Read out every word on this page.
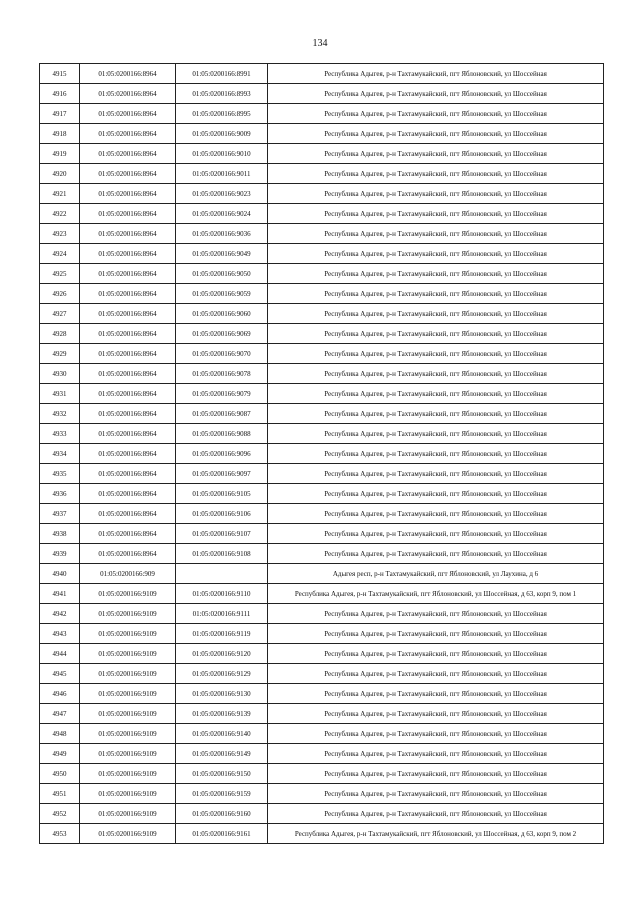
134
4915	01:05:0200166:8964	01:05:0200166:8991	Республика Адыгея, р-н Тахтамукайский, пгт Яблоновский, ул Шоссейная
4916	01:05:0200166:8964	01:05:0200166:8993	Республика Адыгея, р-н Тахтамукайский, пгт Яблоновский, ул Шоссейная
4917	01:05:0200166:8964	01:05:0200166:8995	Республика Адыгея, р-н Тахтамукайский, пгт Яблоновский, ул Шоссейная
4918	01:05:0200166:8964	01:05:0200166:9009	Республика Адыгея, р-н Тахтамукайский, пгт Яблоновский, ул Шоссейная
4919	01:05:0200166:8964	01:05:0200166:9010	Республика Адыгея, р-н Тахтамукайский, пгт Яблоновский, ул Шоссейная
4920	01:05:0200166:8964	01:05:0200166:9011	Республика Адыгея, р-н Тахтамукайский, пгт Яблоновский, ул Шоссейная
4921	01:05:0200166:8964	01:05:0200166:9023	Республика Адыгея, р-н Тахтамукайский, пгт Яблоновский, ул Шоссейная
4922	01:05:0200166:8964	01:05:0200166:9024	Республика Адыгея, р-н Тахтамукайский, пгт Яблоновский, ул Шоссейная
4923	01:05:0200166:8964	01:05:0200166:9036	Республика Адыгея, р-н Тахтамукайский, пгт Яблоновский, ул Шоссейная
4924	01:05:0200166:8964	01:05:0200166:9049	Республика Адыгея, р-н Тахтамукайский, пгт Яблоновский, ул Шоссейная
4925	01:05:0200166:8964	01:05:0200166:9050	Республика Адыгея, р-н Тахтамукайский, пгт Яблоновский, ул Шоссейная
4926	01:05:0200166:8964	01:05:0200166:9059	Республика Адыгея, р-н Тахтамукайский, пгт Яблоновский, ул Шоссейная
4927	01:05:0200166:8964	01:05:0200166:9060	Республика Адыгея, р-н Тахтамукайский, пгт Яблоновский, ул Шоссейная
4928	01:05:0200166:8964	01:05:0200166:9069	Республика Адыгея, р-н Тахтамукайский, пгт Яблоновский, ул Шоссейная
4929	01:05:0200166:8964	01:05:0200166:9070	Республика Адыгея, р-н Тахтамукайский, пгт Яблоновский, ул Шоссейная
4930	01:05:0200166:8964	01:05:0200166:9078	Республика Адыгея, р-н Тахтамукайский, пгт Яблоновский, ул Шоссейная
4931	01:05:0200166:8964	01:05:0200166:9079	Республика Адыгея, р-н Тахтамукайский, пгт Яблоновский, ул Шоссейная
4932	01:05:0200166:8964	01:05:0200166:9087	Республика Адыгея, р-н Тахтамукайский, пгт Яблоновский, ул Шоссейная
4933	01:05:0200166:8964	01:05:0200166:9088	Республика Адыгея, р-н Тахтамукайский, пгт Яблоновский, ул Шоссейная
4934	01:05:0200166:8964	01:05:0200166:9096	Республика Адыгея, р-н Тахтамукайский, пгт Яблоновский, ул Шоссейная
4935	01:05:0200166:8964	01:05:0200166:9097	Республика Адыгея, р-н Тахтамукайский, пгт Яблоновский, ул Шоссейная
4936	01:05:0200166:8964	01:05:0200166:9105	Республика Адыгея, р-н Тахтамукайский, пгт Яблоновский, ул Шоссейная
4937	01:05:0200166:8964	01:05:0200166:9106	Республика Адыгея, р-н Тахтамукайский, пгт Яблоновский, ул Шоссейная
4938	01:05:0200166:8964	01:05:0200166:9107	Республика Адыгея, р-н Тахтамукайский, пгт Яблоновский, ул Шоссейная
4939	01:05:0200166:8964	01:05:0200166:9108	Республика Адыгея, р-н Тахтамукайский, пгт Яблоновский, ул Шоссейная
4940	01:05:0200166:909		Адыгея респ, р-н Тахтамукайский, пгт Яблоновский, ул Лаухина, д 6
4941	01:05:0200166:9109	01:05:0200166:9110	Республика Адыгея, р-н Тахтамукайский, пгт Яблоновский, ул Шоссейная, д 63, корп 9, пом 1
4942	01:05:0200166:9109	01:05:0200166:9111	Республика Адыгея, р-н Тахтамукайский, пгт Яблоновский, ул Шоссейная
4943	01:05:0200166:9109	01:05:0200166:9119	Республика Адыгея, р-н Тахтамукайский, пгт Яблоновский, ул Шоссейная
4944	01:05:0200166:9109	01:05:0200166:9120	Республика Адыгея, р-н Тахтамукайский, пгт Яблоновский, ул Шоссейная
4945	01:05:0200166:9109	01:05:0200166:9129	Республика Адыгея, р-н Тахтамукайский, пгт Яблоновский, ул Шоссейная
4946	01:05:0200166:9109	01:05:0200166:9130	Республика Адыгея, р-н Тахтамукайский, пгт Яблоновский, ул Шоссейная
4947	01:05:0200166:9109	01:05:0200166:9139	Республика Адыгея, р-н Тахтамукайский, пгт Яблоновский, ул Шоссейная
4948	01:05:0200166:9109	01:05:0200166:9140	Республика Адыгея, р-н Тахтамукайский, пгт Яблоновский, ул Шоссейная
4949	01:05:0200166:9109	01:05:0200166:9149	Республика Адыгея, р-н Тахтамукайский, пгт Яблоновский, ул Шоссейная
4950	01:05:0200166:9109	01:05:0200166:9150	Республика Адыгея, р-н Тахтамукайский, пгт Яблоновский, ул Шоссейная
4951	01:05:0200166:9109	01:05:0200166:9159	Республика Адыгея, р-н Тахтамукайский, пгт Яблоновский, ул Шоссейная
4952	01:05:0200166:9109	01:05:0200166:9160	Республика Адыгея, р-н Тахтамукайский, пгт Яблоновский, ул Шоссейная
4953	01:05:0200166:9109	01:05:0200166:9161	Республика Адыгея, р-н Тахтамукайский, пгт Яблоновский, ул Шоссейная, д 63, корп 9, пом 2
